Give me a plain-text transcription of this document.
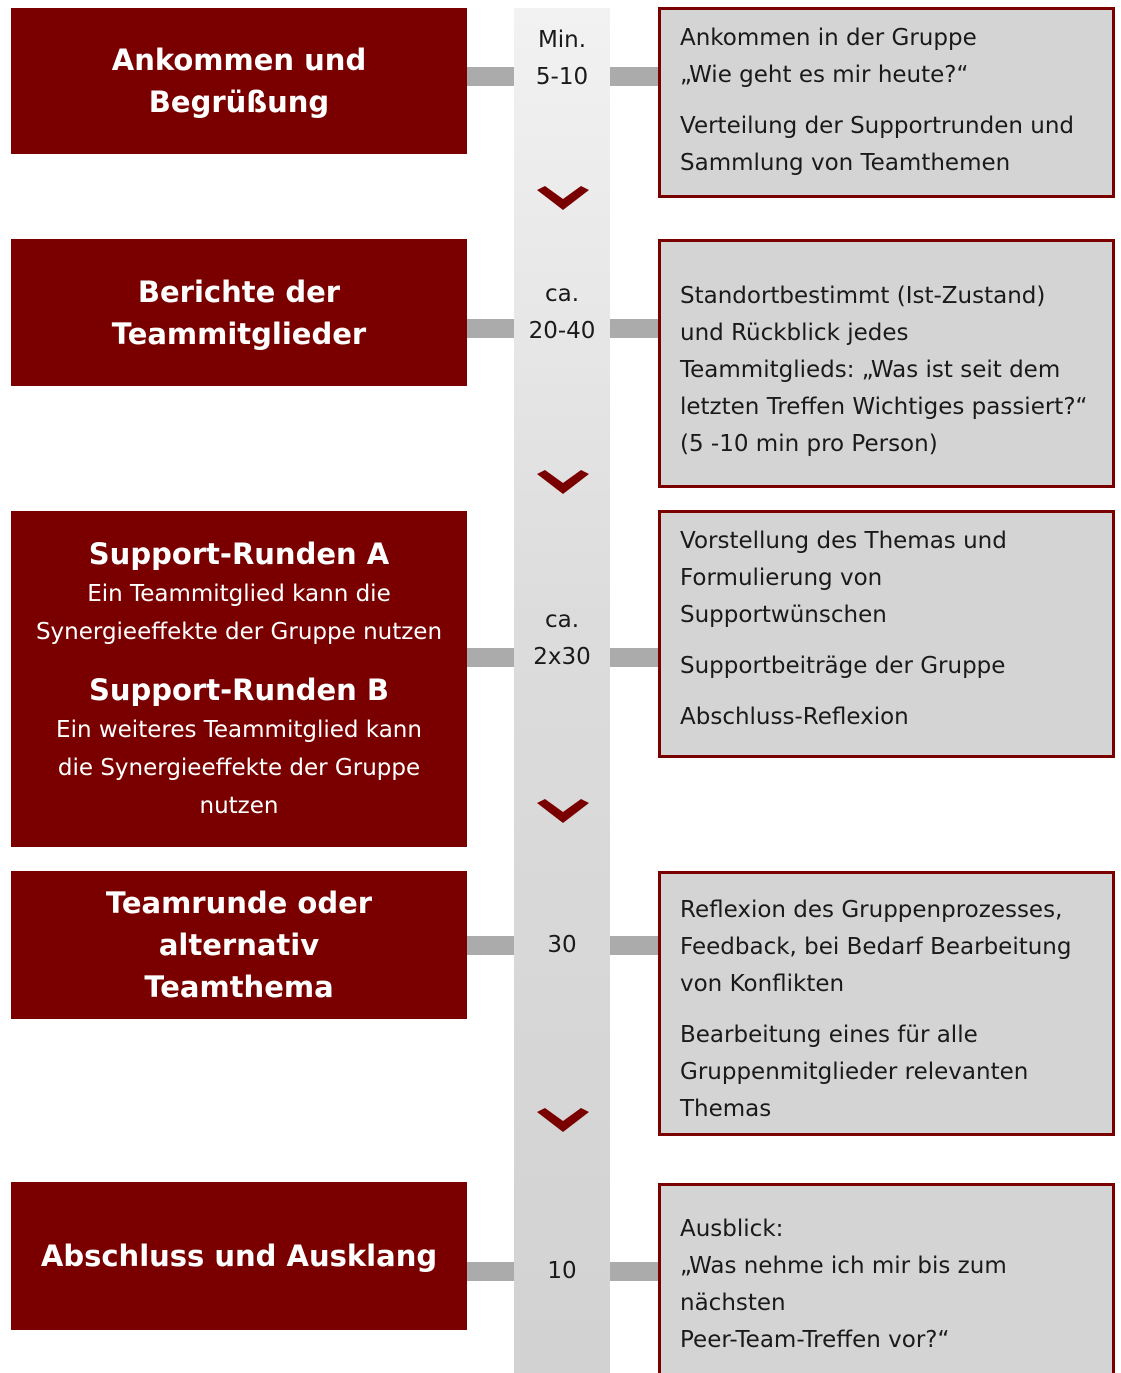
Ankommen und
Begrüßung
Min.
5-10

Ankommen in der Gruppe
„Wie geht es mir heute?“

Verteilung der Supportrunden und
Sammlung von Teamthemen

Berichte der
Teammitglieder
ca.
20-40

Standortbestimmt (Ist-Zustand)
und Rückblick jedes
Teammitglieds: „Was ist seit dem
letzten Treffen Wichtiges passiert?“
(5 -10 min pro Person)

Support-Runden A
Ein Teammitglied kann die
Synergieeffekte der Gruppe nutzen
Support-Runden B
Ein weiteres Teammitglied kann
die Synergieeffekte der Gruppe
nutzen
ca.
2x30

Vorstellung des Themas und
Formulierung von
Supportwünschen

Supportbeiträge der Gruppe

Abschluss-Reflexion

Teamrunde oder alternativ
Teamthema
30

Reflexion des Gruppenprozesses,
Feedback, bei Bedarf Bearbeitung
von Konflikten

Bearbeitung eines für alle
Gruppenmitglieder relevanten
Themas

Abschluss und Ausklang	10

Ausblick:
„Was nehme ich mir bis zum
nächsten
Peer-Team-Treffen vor?“
